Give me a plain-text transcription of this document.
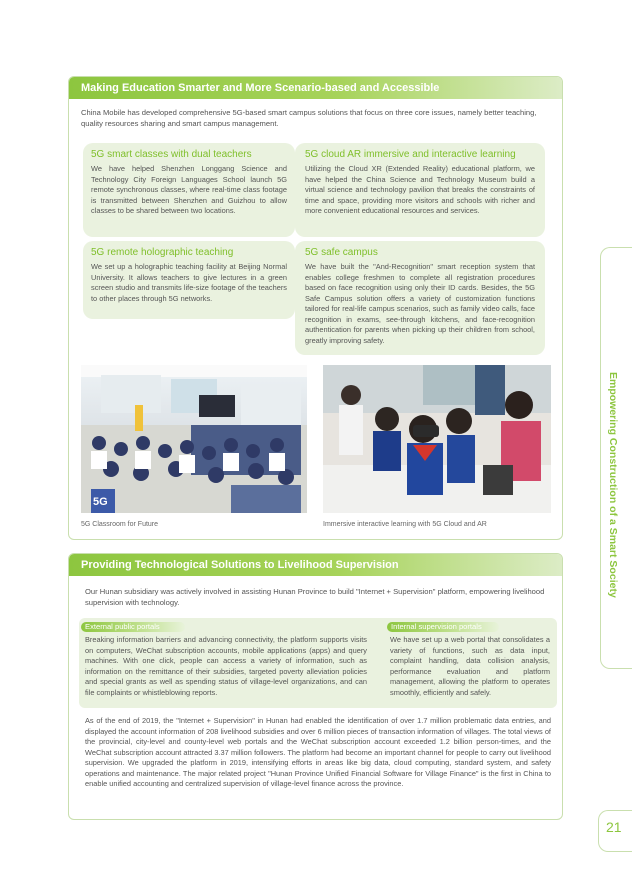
Making Education Smarter and More Scenario-based and Accessible
China Mobile has developed comprehensive 5G-based smart campus solutions that focus on three core issues, namely better teaching, quality resources sharing and smart campus management.
5G smart classes with dual teachers
We have helped Shenzhen Longgang Science and Technology City Foreign Languages School launch 5G remote synchronous classes, where real-time class footage is transmitted between Shenzhen and Guizhou to allow classes to be shared between two locations.
5G cloud AR immersive and interactive learning
Utilizing the Cloud XR (Extended Reality) educational platform, we have helped the China Science and Technology Museum build a virtual science and technology pavilion that breaks the constraints of time and space, providing more visitors and schools with richer and more convenient educational resources and services.
5G remote holographic teaching
We set up a holographic teaching facility at Beijing Normal University. It allows teachers to give lectures in a green screen studio and transmits life-size footage of the teachers to other places through 5G networks.
5G safe campus
We have built the "And-Recognition" smart reception system that enables college freshmen to complete all registration procedures based on face recognition using only their ID cards. Besides, the 5G Safe Campus solution offers a variety of customization functions tailored for real-life campus scenarios, such as family video calls, face recognition in exams, see-through kitchens, and face-recognition authentication for parents when picking up their children from school, greatly improving safety.
5G
5G Classroom for Future	Immersive interactive learning with 5G Cloud and AR
Providing Technological Solutions to Livelihood Supervision
Our Hunan subsidiary was actively involved in assisting Hunan Province to build "Internet + Supervision" platform, empowering livelihood supervision with technology.
External public portals
Breaking information barriers and advancing connectivity, the platform supports visits on computers, WeChat subscription accounts, mobile applications (apps) and query machines. With one click, people can access a variety of information, such as information on the remittance of their subsidies, targeted poverty alleviation policies and special grants as well as spending status of village-level organizations, and can file complaints or whistleblowing reports.
Internal supervision portals
We have set up a web portal that consolidates a variety of functions, such as data input, complaint handling, data collision analysis, performance evaluation and platform management, allowing the platform to operates smoothly, efficiently and safely.
As of the end of 2019, the "Internet + Supervision" in Hunan had enabled the identification of over 1.7 million problematic data entries, and displayed the account information of 208 livelihood subsidies and over 6 million pieces of transaction information of villages. The total views of the provincial, city-level and county-level web portals and the WeChat subscription account exceeded 1.2 billion person-times, and the WeChat subscription account attracted 3.37 million followers. The platform had become an important channel for people to carry out livelihood supervision. We upgraded the platform in 2019, intensifying efforts in areas like big data, cloud computing, standard system, and safety operations and maintenance. The major related project "Hunan Province Unified Financial Software for Village Finance" is the first in China to enable unified accounting and centralized supervision of village-level finance across the province.
Empowering Construction of a Smart Society
21
